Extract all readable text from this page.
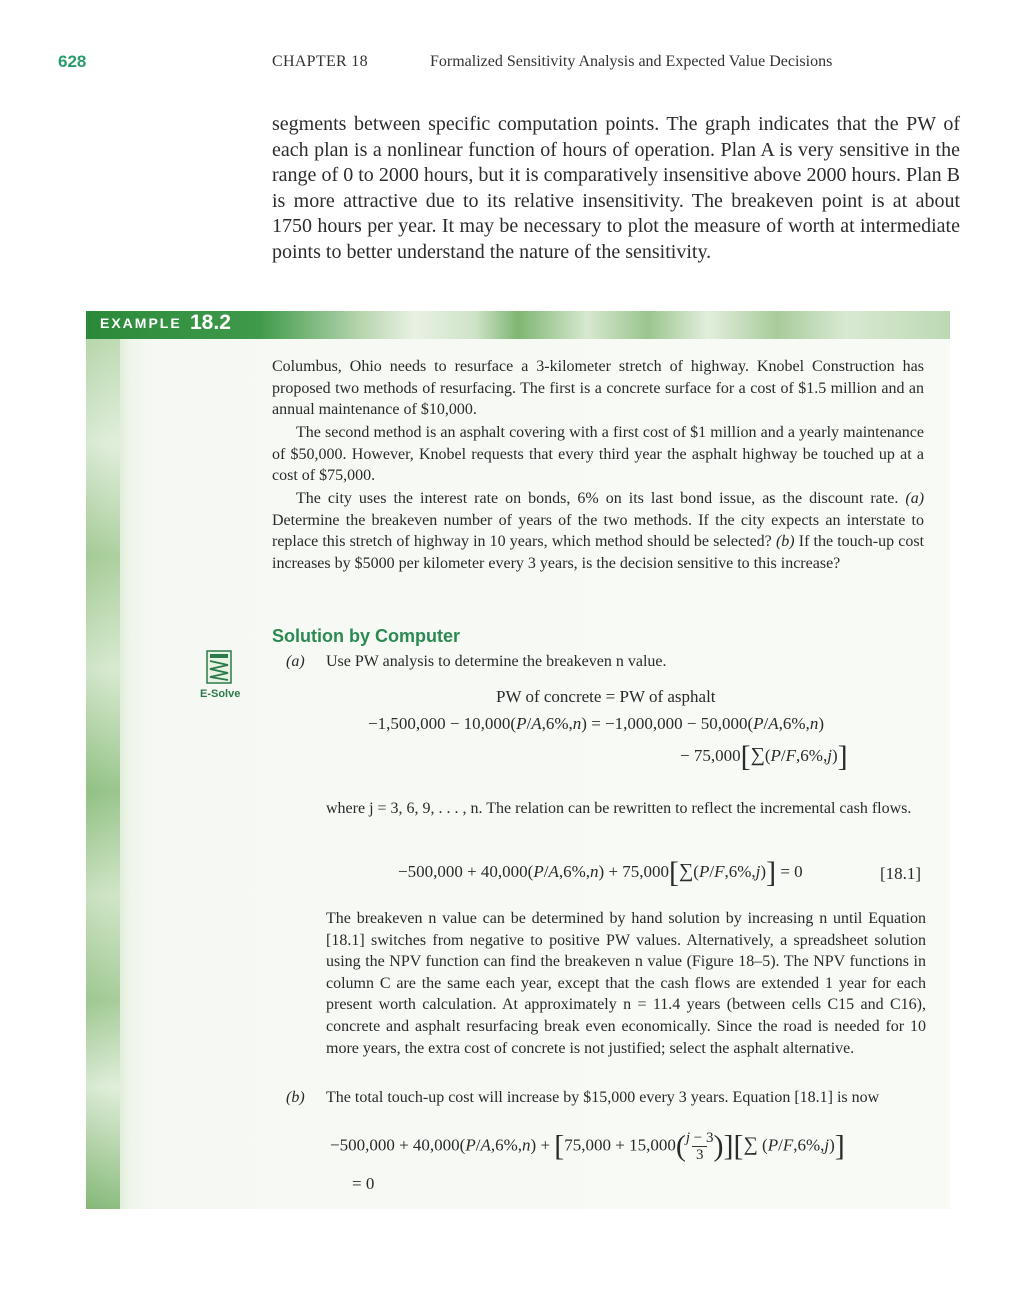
628	CHAPTER 18	Formalized Sensitivity Analysis and Expected Value Decisions
segments between specific computation points. The graph indicates that the PW of each plan is a nonlinear function of hours of operation. Plan A is very sensitive in the range of 0 to 2000 hours, but it is comparatively insensitive above 2000 hours. Plan B is more attractive due to its relative insensitivity. The breakeven point is at about 1750 hours per year. It may be necessary to plot the measure of worth at intermediate points to better understand the nature of the sensitivity.
EXAMPLE 18.2
Columbus, Ohio needs to resurface a 3-kilometer stretch of highway. Knobel Construction has proposed two methods of resurfacing. The first is a concrete surface for a cost of $1.5 million and an annual maintenance of $10,000.
The second method is an asphalt covering with a first cost of $1 million and a yearly maintenance of $50,000. However, Knobel requests that every third year the asphalt highway be touched up at a cost of $75,000.
The city uses the interest rate on bonds, 6% on its last bond issue, as the discount rate. (a) Determine the breakeven number of years of the two methods. If the city expects an interstate to replace this stretch of highway in 10 years, which method should be selected? (b) If the touch-up cost increases by $5000 per kilometer every 3 years, is the decision sensitive to this increase?
Solution by Computer
E-Solve
(a) Use PW analysis to determine the breakeven n value.
PW of concrete = PW of asphalt
−1,500,000 − 10,000(P/A,6%,n) = −1,000,000 − 50,000(P/A,6%,n)
− 75,000[∑(P/F,6%,j)]
where j = 3, 6, 9, . . . , n. The relation can be rewritten to reflect the incremental cash flows.
−500,000 + 40,000(P/A,6%,n) + 75,000[∑(P/F,6%,j)] = 0	[18.1]
The breakeven n value can be determined by hand solution by increasing n until Equation [18.1] switches from negative to positive PW values. Alternatively, a spreadsheet solution using the NPV function can find the breakeven n value (Figure 18–5). The NPV functions in column C are the same each year, except that the cash flows are extended 1 year for each present worth calculation. At approximately n = 11.4 years (between cells C15 and C16), concrete and asphalt resurfacing break even economically. Since the road is needed for 10 more years, the extra cost of concrete is not justified; select the asphalt alternative.
(b) The total touch-up cost will increase by $15,000 every 3 years. Equation [18.1] is now
−500,000 + 40,000(P/A,6%,n) + [75,000 + 15,000(j − 3
3 )][∑ (P/F,6%,j)]
= 0
